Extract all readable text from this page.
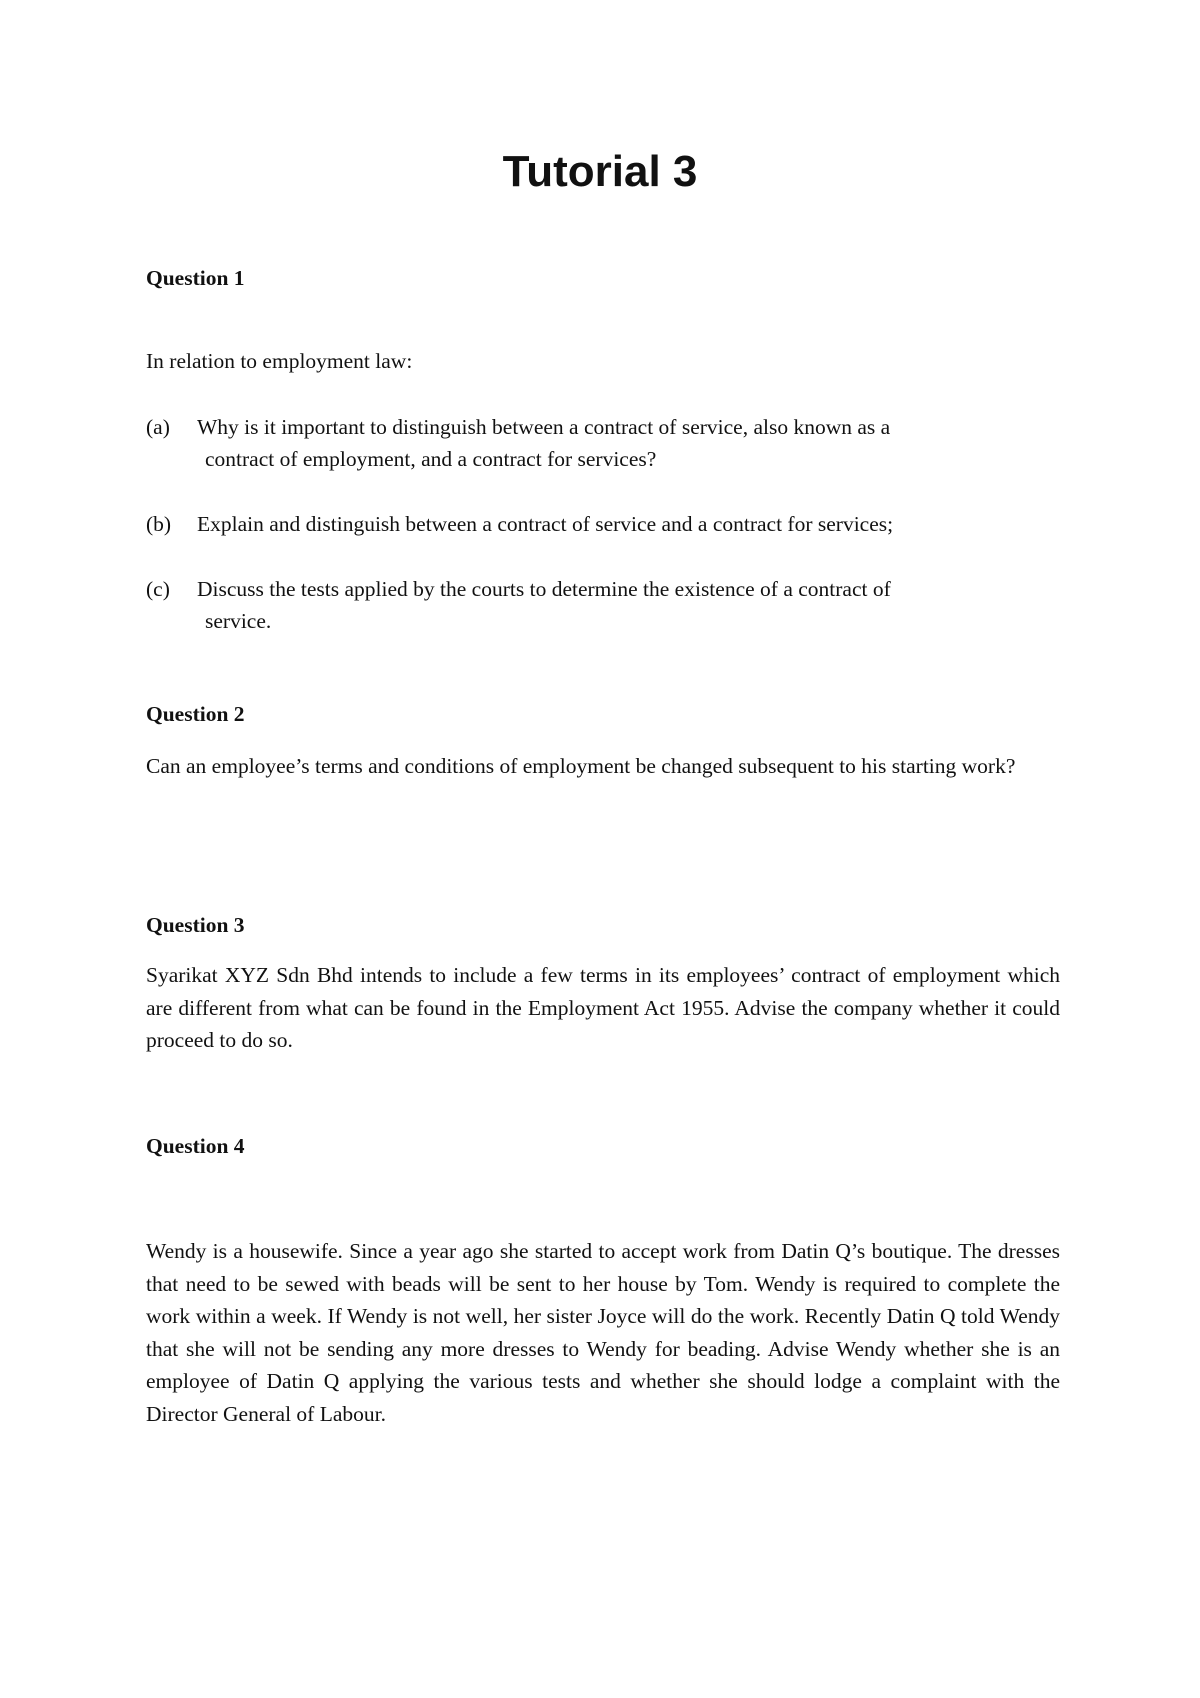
Tutorial 3
Question 1
In relation to employment law:
(a) Why is it important to distinguish between a contract of service, also known as a
contract of employment, and a contract for services?
(b) Explain and distinguish between a contract of service and a contract for services;
(c) Discuss the tests applied by the courts to determine the existence of a contract of
service.
Question 2

Can an employee’s terms and conditions of employment be changed subsequent to his starting work?

Question 3

Syarikat XYZ Sdn Bhd intends to include a few terms in its employees’ contract of employment which are different from what can be found in the Employment Act 1955. Advise the company whether it could proceed to do so.

Question 4

Wendy is a housewife. Since a year ago she started to accept work from Datin Q’s boutique. The dresses that need to be sewed with beads will be sent to her house by Tom. Wendy is required to complete the work within a week. If Wendy is not well, her sister Joyce will do the work. Recently Datin Q told Wendy that she will not be sending any more dresses to Wendy for beading. Advise Wendy whether she is an employee of Datin Q applying the various tests and whether she should lodge a complaint with the Director General of Labour.
